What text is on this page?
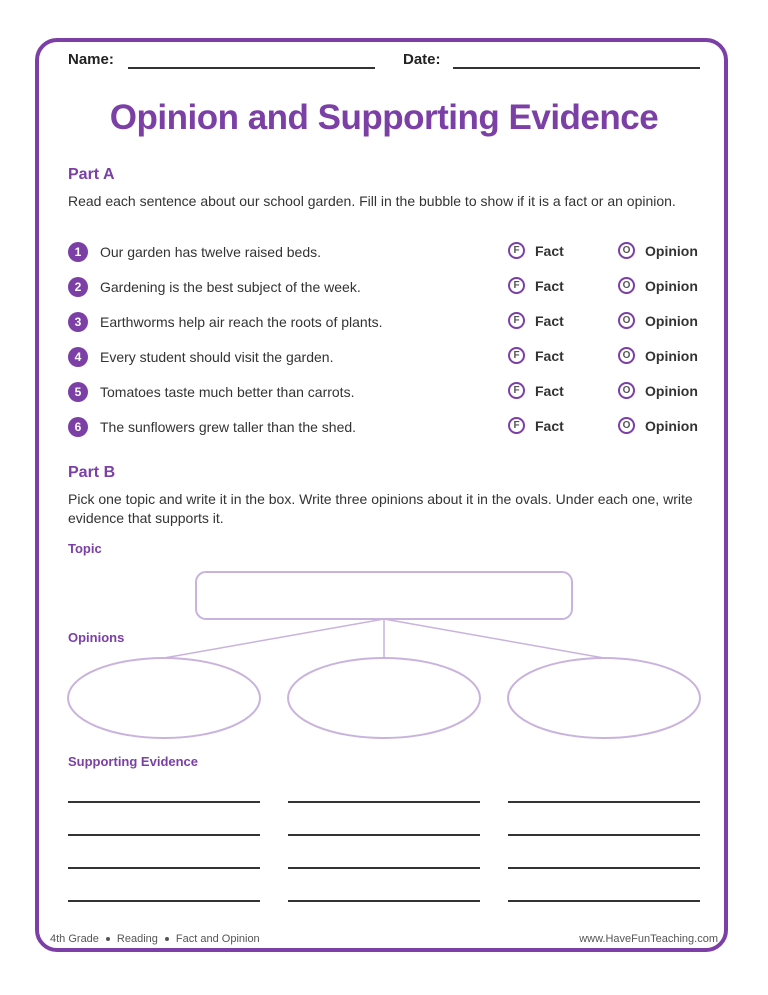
Name:	Date:
Opinion and Supporting Evidence
Part A
Read each sentence about our school garden. Fill in the bubble to show if it is a fact or an opinion.
1	Our garden has twelve raised beds.	F	Fact	O	Opinion
2	Gardening is the best subject of the week.	F	Fact	O	Opinion
3	Earthworms help air reach the roots of plants.	F	Fact	O	Opinion
4	Every student should visit the garden.	F	Fact	O	Opinion
5	Tomatoes taste much better than carrots.	F	Fact	O	Opinion
6	The sunflowers grew taller than the shed.	F	Fact	O	Opinion
Part B
Pick one topic and write it in the box. Write three opinions about it in the ovals. Under each one, write evidence that supports it.
Topic
Opinions
Supporting Evidence
4th Grade Reading Fact and Opinion	www.HaveFunTeaching.com
